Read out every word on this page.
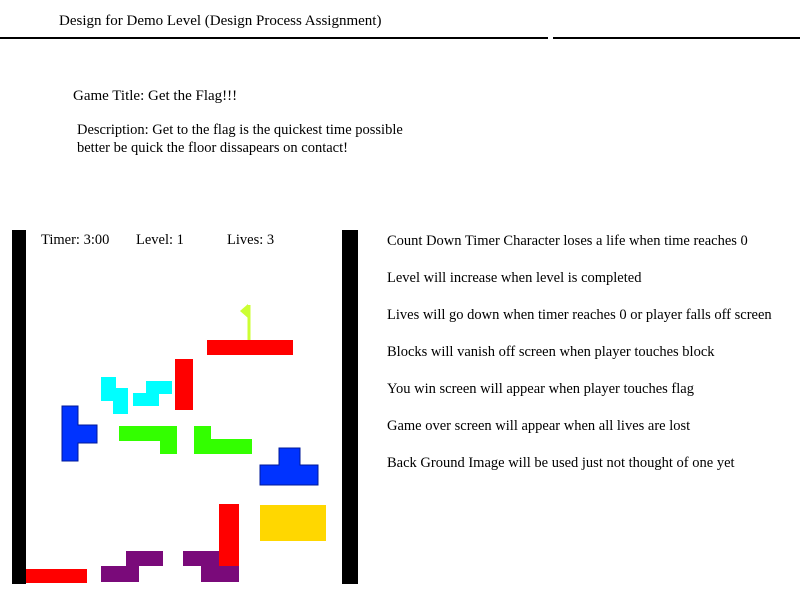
Design for Demo Level (Design Process Assignment)
Game Title: Get the Flag!!!
Description: Get to the flag is the quickest time possible
better be quick the floor dissapears on contact!
Timer: 3:00 Level: 1	Lives: 3	Count Down Timer Character loses a life when time reaches 0
Level will increase when level is completed
Lives will go down when timer reaches 0 or player falls off screen
Blocks will vanish off screen when player touches block
You win screen will appear when player touches flag
Game over screen will appear when all lives are lost
Back Ground Image will be used just not thought of one yet
